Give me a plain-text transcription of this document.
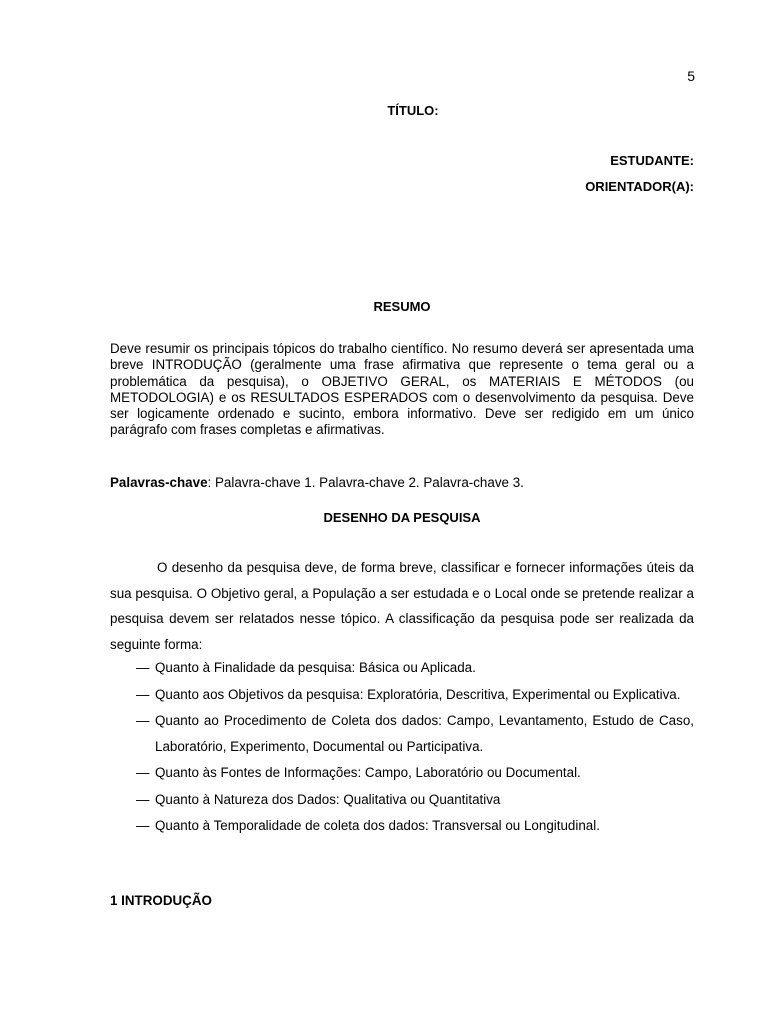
5
TÍTULO:
ESTUDANTE:
ORIENTADOR(A):
RESUMO

Deve resumir os principais tópicos do trabalho científico. No resumo deverá ser apresentada uma breve INTRODUÇÃO (geralmente uma frase afirmativa que represente o tema geral ou a problemática da pesquisa), o OBJETIVO GERAL, os MATERIAIS E MÉTODOS (ou METODOLOGIA) e os RESULTADOS ESPERADOS com o desenvolvimento da pesquisa. Deve ser logicamente ordenado e sucinto, embora informativo. Deve ser redigido em um único parágrafo com frases completas e afirmativas.

Palavras-chave: Palavra-chave 1. Palavra-chave 2. Palavra-chave 3.

DESENHO DA PESQUISA

O desenho da pesquisa deve, de forma breve, classificar e fornecer informações úteis da sua pesquisa. O Objetivo geral, a População a ser estudada e o Local onde se pretende realizar a pesquisa devem ser relatados nesse tópico. A classificação da pesquisa pode ser realizada da seguinte forma:

— Quanto à Finalidade da pesquisa: Básica ou Aplicada.
— Quanto aos Objetivos da pesquisa: Exploratória, Descritiva, Experimental ou Explicativa.
— Quanto ao Procedimento de Coleta dos dados: Campo, Levantamento, Estudo de Caso, Laboratório, Experimento, Documental ou Participativa.
— Quanto às Fontes de Informações: Campo, Laboratório ou Documental.
— Quanto à Natureza dos Dados: Qualitativa ou Quantitativa
— Quanto à Temporalidade de coleta dos dados: Transversal ou Longitudinal.
1 INTRODUÇÃO
